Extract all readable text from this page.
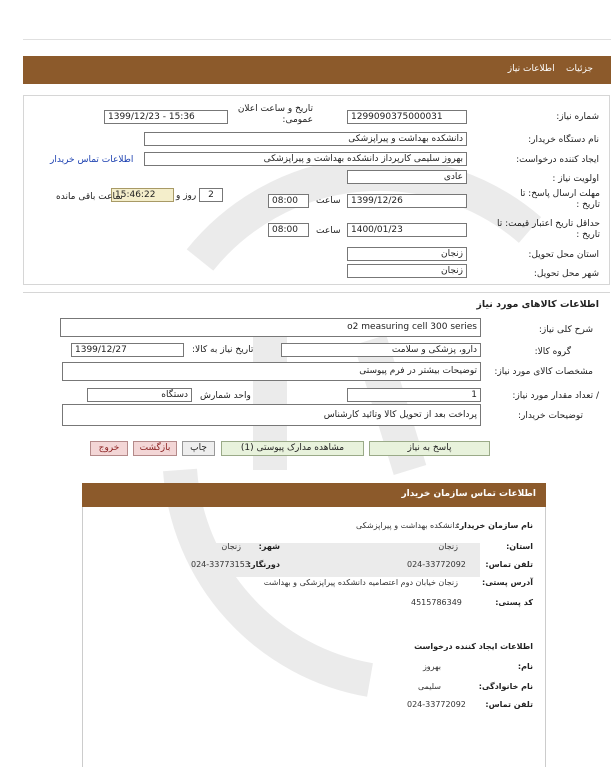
جزئیات    اطلاعات نیاز
شماره نیاز:
1299090375000031
تاریخ و ساعت اعلان عمومی:
1399/12/23 - 15:36
نام دستگاه خریدار:
دانشکده بهداشت و پیراپزشکی
ایجاد کننده درخواست:
بهروز سلیمی کارپرداز دانشکده بهداشت و پیراپزشکی
اطلاعات تماس خریدار
اولویت نیاز :
عادی
مهلت ارسال پاسخ: تا تاریخ :
1399/12/26
ساعت
08:00
2
روز و
15:46:22
ساعت باقی مانده
حداقل تاریخ اعتبار قیمت: تا تاریخ :
1400/01/23
ساعت
08:00
استان محل تحویل:
زنجان
شهر محل تحویل:
زنجان
اطلاعات کالاهای مورد نیاز
شرح کلی نیاز:
o2 measuring cell 300 series
گروه کالا:
دارو، پزشکی و سلامت
تاریخ نیاز به کالا:
1399/12/27
مشخصات کالای مورد نیاز:
توضیحات بیشتر در فرم پیوستی
/ تعداد مقدار مورد نیاز:
1
واحد شمارش
دستگاه
توضیحات خریدار:
پرداخت بعد از تحویل کالا وتائید کارشناس
پاسخ به نیاز
مشاهده مدارک پیوستی (1)
چاپ
بازگشت
خروج
اطلاعات تماس سازمان خریدار
نام سازمان خریدار:
دانشکده بهداشت و پیراپزشکی
استان:
زنجان
شهر:
زنجان
تلفن تماس:
024-33772092
دورنگار:
024-33773153
آدرس پستی:
زنجان خیابان دوم اعتصامیه دانشکده پیراپزشکی و بهداشت
کد پستی:
4515786349
اطلاعات ایجاد کننده درخواست
نام:
بهروز
نام خانوادگی:
سلیمی
تلفن تماس:
024-33772092
